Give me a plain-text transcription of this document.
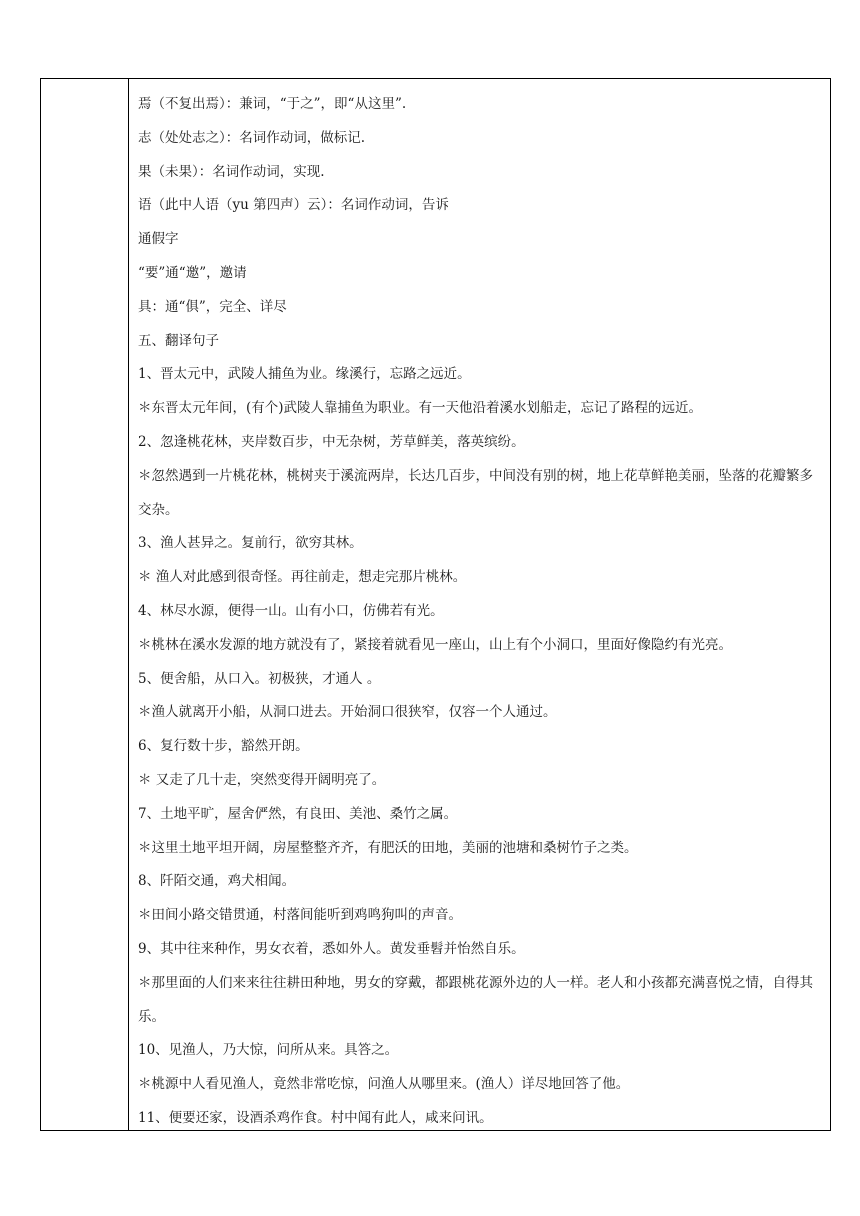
焉（不复出焉）：兼词，“于之”，即“从这里”.
志（处处志之）：名词作动词，做标记.
果（未果）：名词作动词，实现.
语（此中人语（yu 第四声）云）：名词作动词，告诉
通假字
“要”通“邀”，邀请
具：通“俱”，完全、详尽
五、翻译句子
1、晋太元中，武陵人捕鱼为业。缘溪行，忘路之远近。
＊东晋太元年间，(有个)武陵人靠捕鱼为职业。有一天他沿着溪水划船走，忘记了路程的远近。
2、忽逢桃花林，夹岸数百步，中无杂树，芳草鲜美，落英缤纷。
＊忽然遇到一片桃花林，桃树夹于溪流两岸，长达几百步，中间没有别的树，地上花草鲜艳美丽，坠落的花瓣繁多交杂。
3、渔人甚异之。复前行，欲穷其林。
＊ 渔人对此感到很奇怪。再往前走，想走完那片桃林。
4、林尽水源，便得一山。山有小口，仿佛若有光。
＊桃林在溪水发源的地方就没有了，紧接着就看见一座山，山上有个小洞口，里面好像隐约有光亮。
5、便舍船，从口入。初极狭，才通人 。
＊渔人就离开小船，从洞口进去。开始洞口很狭窄，仅容一个人通过。
6、复行数十步，豁然开朗。
＊ 又走了几十走，突然变得开阔明亮了。
7、土地平旷，屋舍俨然，有良田、美池、桑竹之属。
＊这里土地平坦开阔，房屋整整齐齐，有肥沃的田地，美丽的池塘和桑树竹子之类。
8、阡陌交通，鸡犬相闻。
＊田间小路交错贯通，村落间能听到鸡鸣狗叫的声音。
9、其中往来种作，男女衣着，悉如外人。黄发垂髫并怡然自乐。
＊那里面的人们来来往往耕田种地，男女的穿戴，都跟桃花源外边的人一样。老人和小孩都充满喜悦之情，自得其乐。
10、见渔人，乃大惊，问所从来。具答之。
＊桃源中人看见渔人，竟然非常吃惊，问渔人从哪里来。(渔人）详尽地回答了他。
11、便要还家，设酒杀鸡作食。村中闻有此人，咸来问讯。
